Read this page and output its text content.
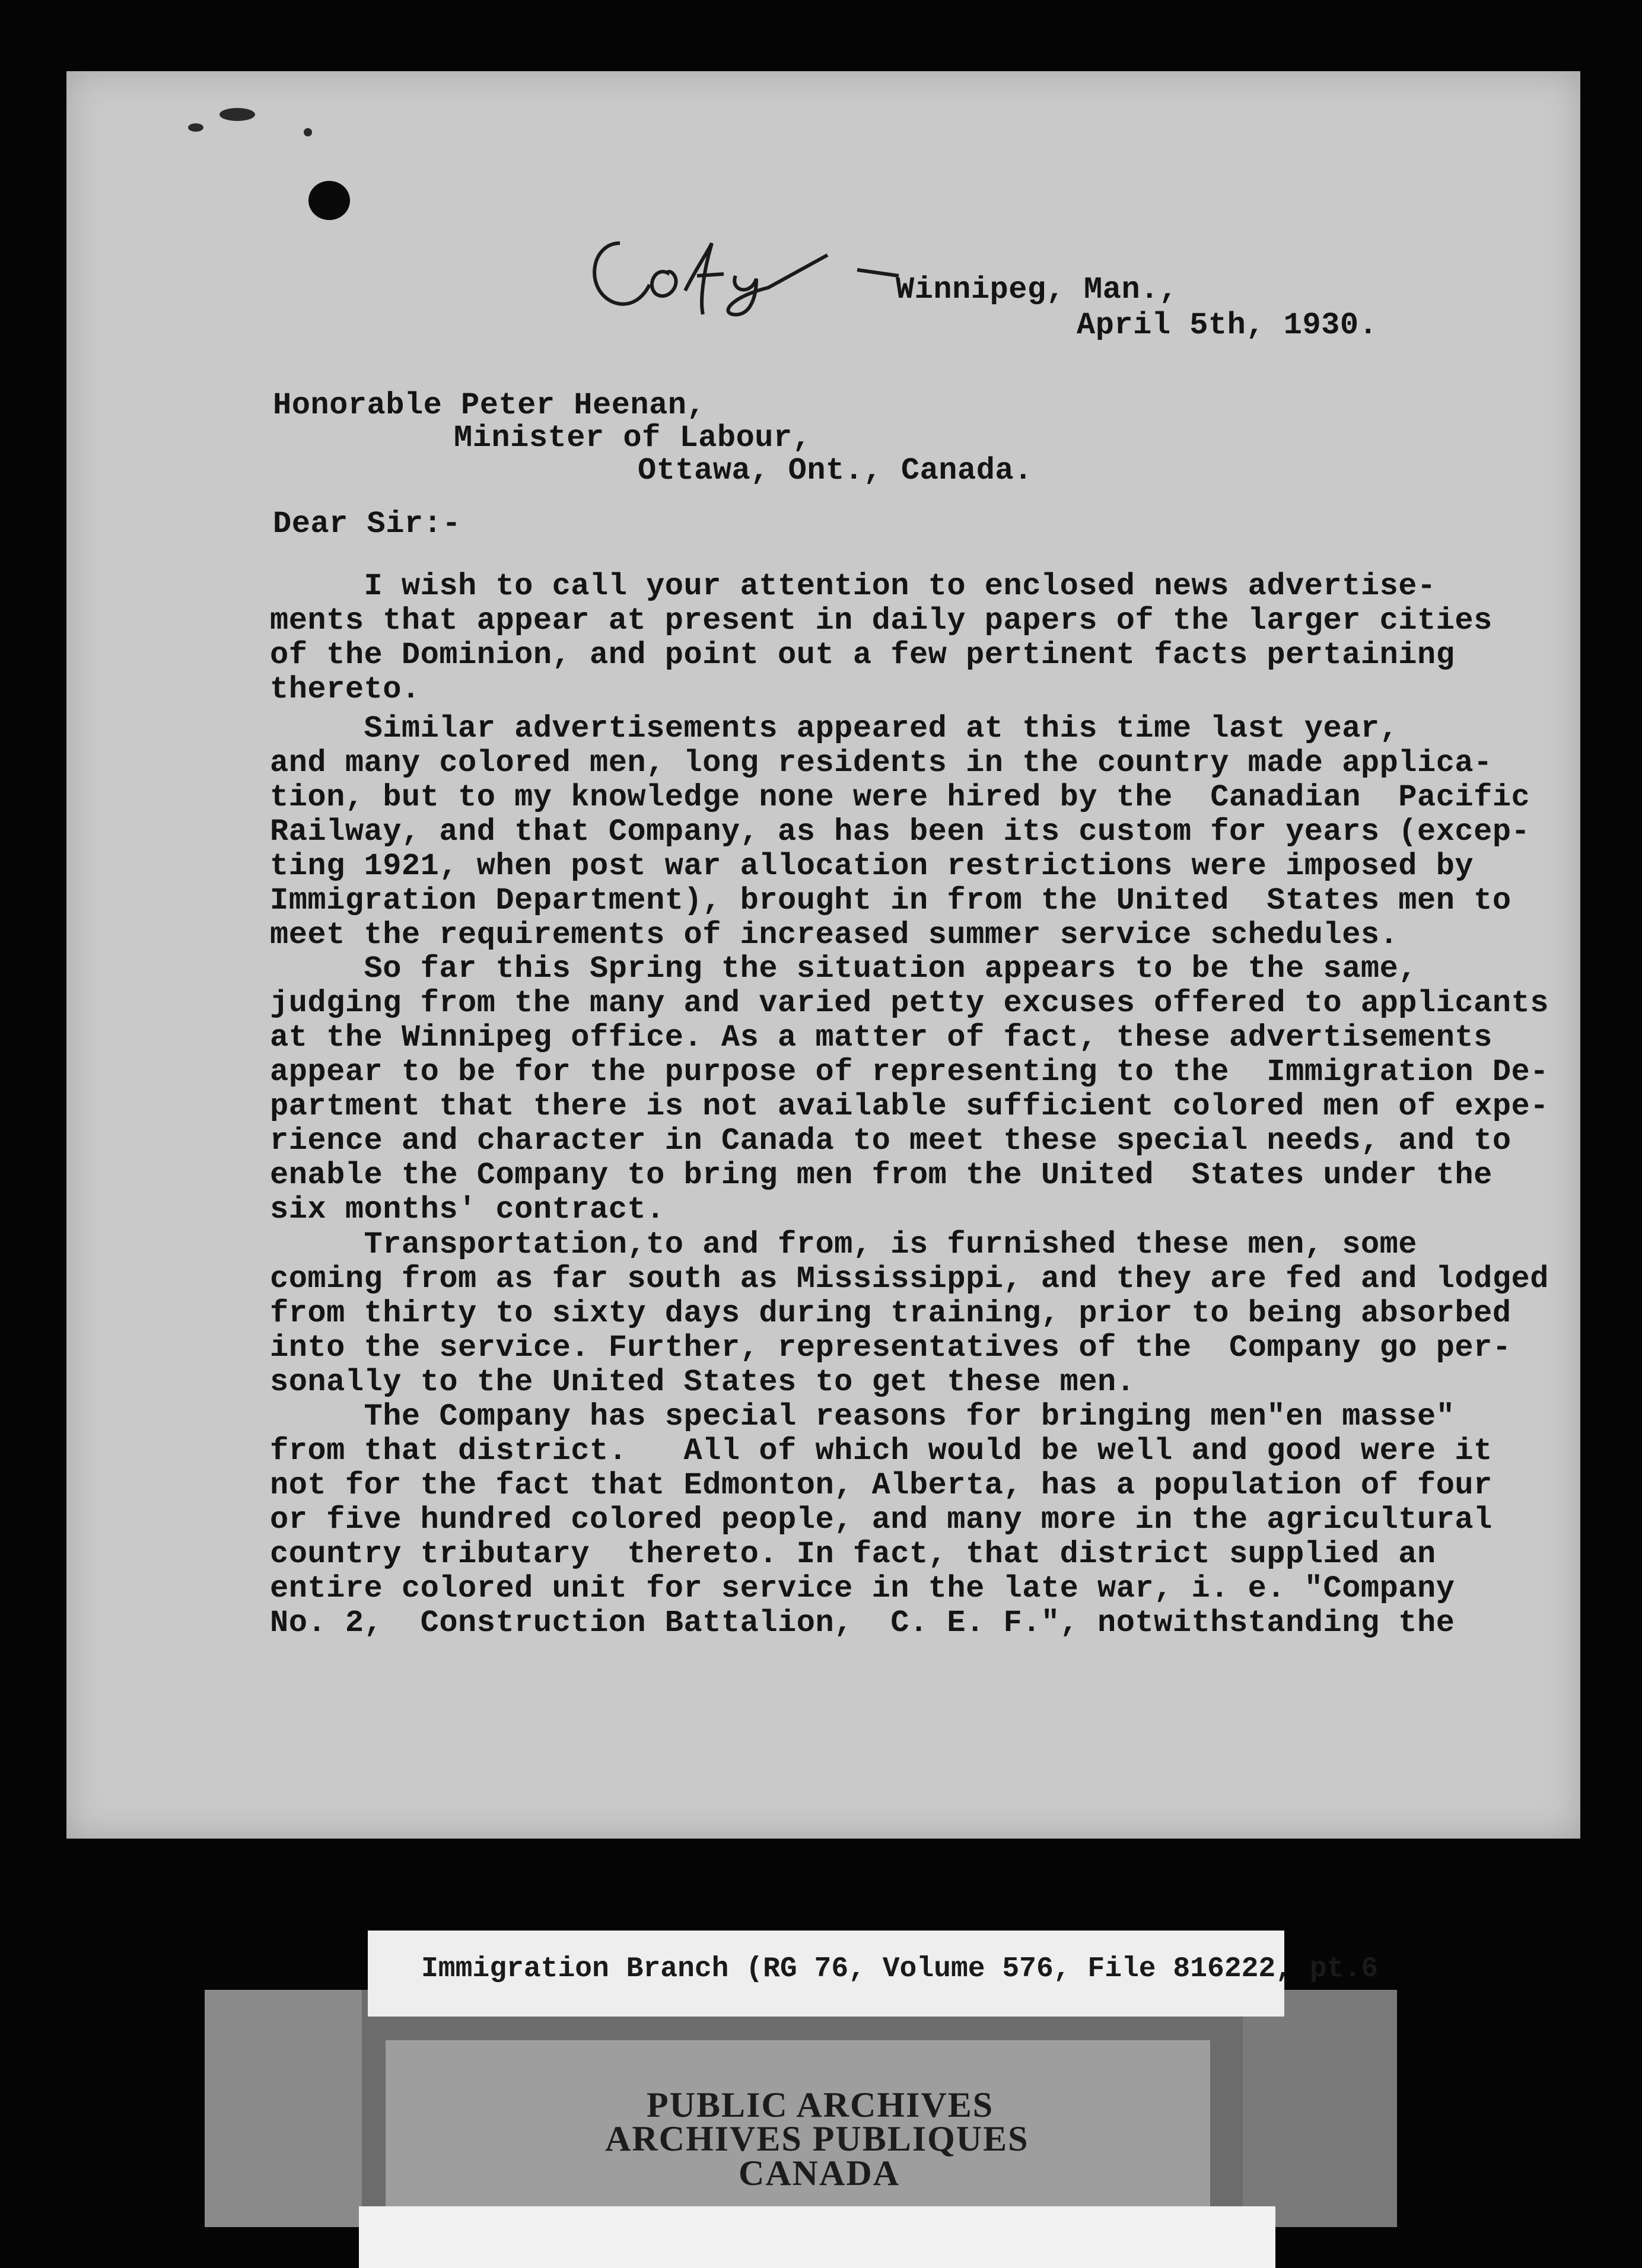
Winnipeg, Man.,
April 5th, 1930.
Honorable Peter Heenan,
Minister of Labour,
Ottawa, Ont., Canada.
Dear Sir:-
I wish to call your attention to enclosed news advertise-
ments that appear at present in daily papers of the larger cities
of the Dominion, and point out a few pertinent facts pertaining
thereto.
Similar advertisements appeared at this time last year,
and many colored men, long residents in the country made applica-
tion, but to my knowledge none were hired by the  Canadian  Pacific
Railway, and that Company, as has been its custom for years (excep-
ting 1921, when post war allocation restrictions were imposed by
Immigration Department), brought in from the United  States men to
meet the requirements of increased summer service schedules.
So far this Spring the situation appears to be the same,
judging from the many and varied petty excuses offered to applicants
at the Winnipeg office. As a matter of fact, these advertisements
appear to be for the purpose of representing to the  Immigration De-
partment that there is not available sufficient colored men of expe-
rience and character in Canada to meet these special needs, and to
enable the Company to bring men from the United  States under the
six months' contract.
Transportation,to and from, is furnished these men, some
coming from as far south as Mississippi, and they are fed and lodged
from thirty to sixty days during training, prior to being absorbed
into the service. Further, representatives of the  Company go per-
sonally to the United States to get these men.
The Company has special reasons for bringing men"en masse"
from that district.   All of which would be well and good were it
not for the fact that Edmonton, Alberta, has a population of four
or five hundred colored people, and many more in the agricultural
country tributary  thereto. In fact, that district supplied an
entire colored unit for service in the late war, i. e. "Company
No. 2,  Construction Battalion,  C. E. F.", notwithstanding the
PUBLIC ARCHIVES
ARCHIVES PUBLIQUES
CANADA
Immigration Branch (RG 76, Volume 576, File 816222, pt.6
